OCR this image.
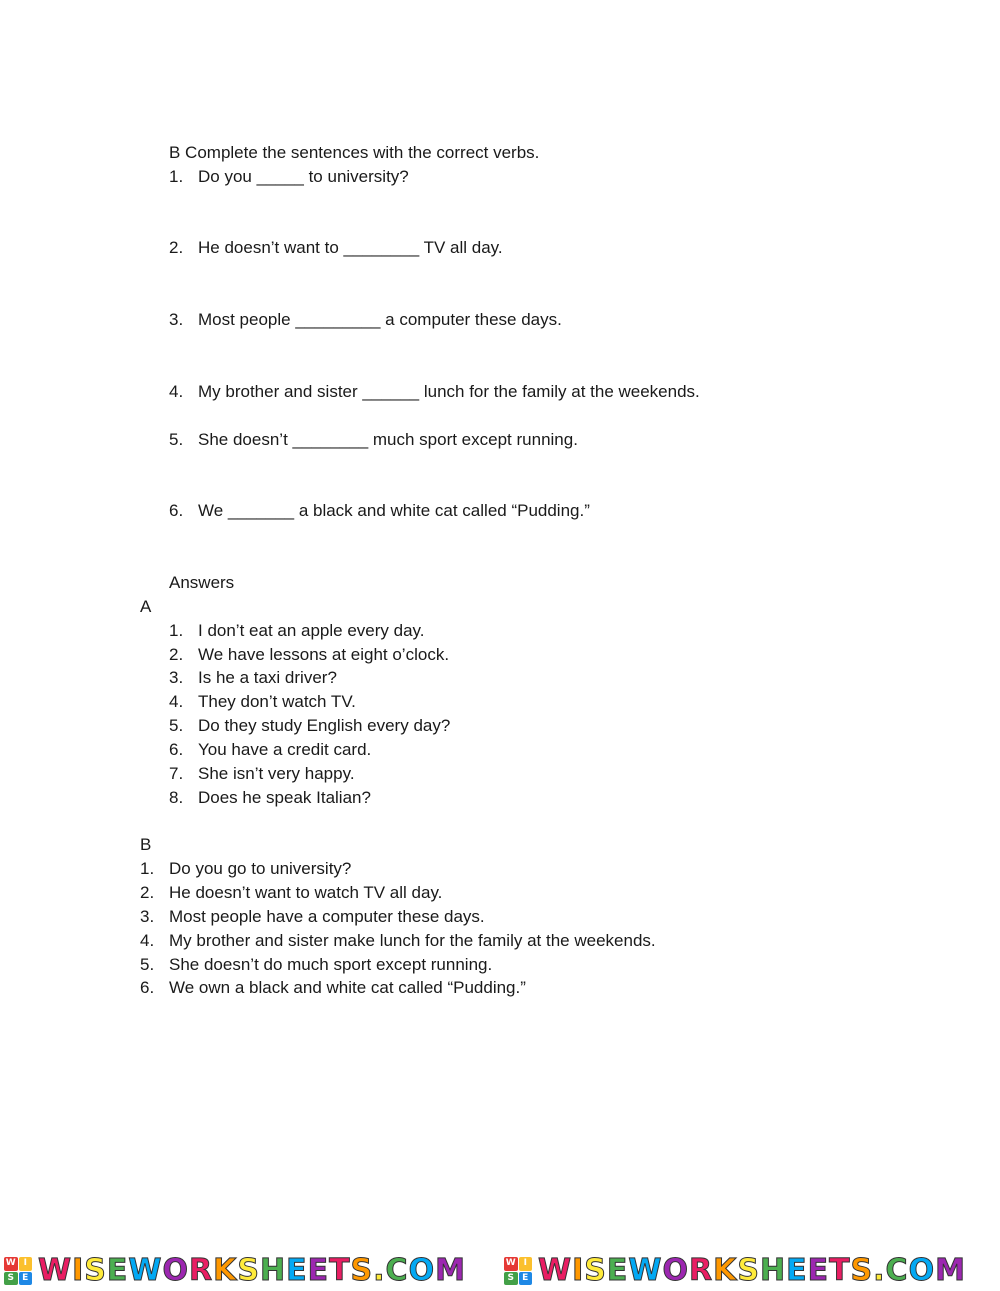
B Complete the sentences with the correct verbs.
1. Do you _____ to university?
2. He doesn’t want to ________ TV all day.
3. Most people _________ a computer these days.
4. My brother and sister ______ lunch for the family at the weekends.
5. She doesn’t ________ much sport except running.
6. We _______ a black and white cat called “Pudding.”
Answers
A
1. I don’t eat an apple every day.
2. We have lessons at eight o’clock.
3. Is he a taxi driver?
4. They don’t watch TV.
5. Do they study English every day?
6. You have a credit card.
7. She isn’t very happy.
8. Does he speak Italian?
B
1. Do you go to university?
2. He doesn’t want to watch TV all day.
3. Most people have a computer these days.
4. My brother and sister make lunch for the family at the weekends.
5. She doesn’t do much sport except running.
6. We own a black and white cat called “Pudding.”
W I
S E WISEWORKSHEETS.COM	W I
S E WISEWORKSHEETS.COM
